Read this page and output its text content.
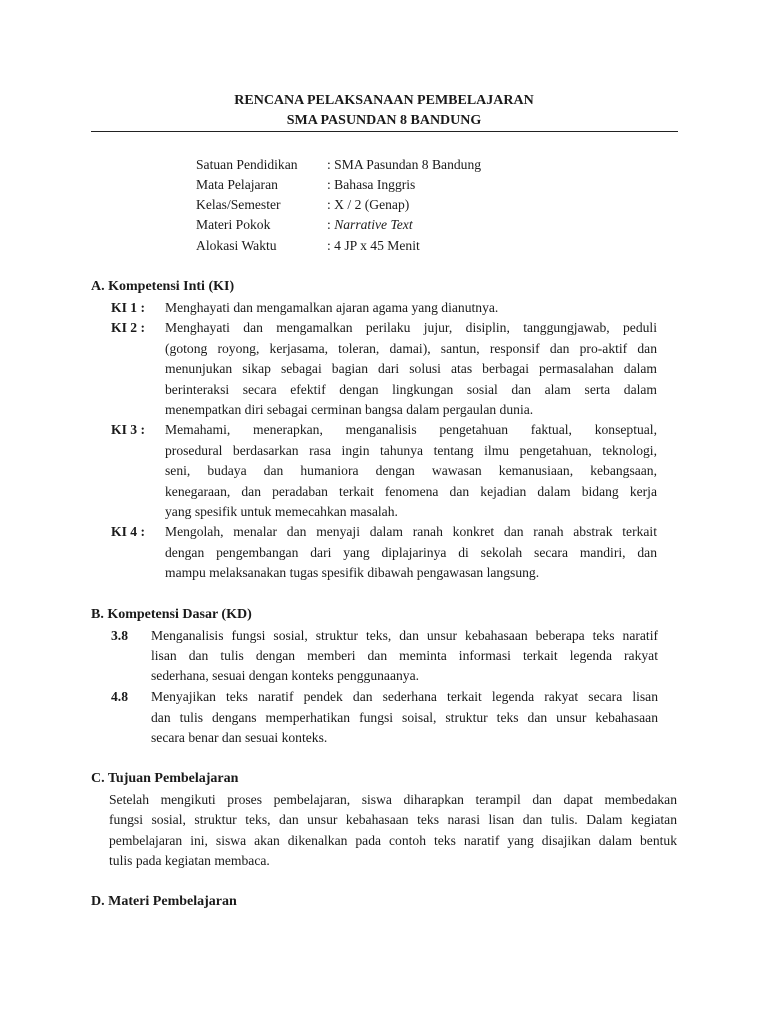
RENCANA PELAKSANAAN PEMBELAJARAN
SMA PASUNDAN 8 BANDUNG
Satuan Pendidikan : SMA Pasundan 8 Bandung
Mata Pelajaran	: Bahasa Inggris
Kelas/Semester	: X / 2 (Genap)
Materi Pokok	: Narrative Text
Alokasi Waktu	: 4 JP x 45 Menit
A. Kompetensi Inti (KI)
KI 1 : Menghayati dan mengamalkan ajaran agama yang dianutnya.
KI 2 : Menghayati dan mengamalkan perilaku jujur, disiplin, tanggungjawab, peduli
(gotong royong, kerjasama, toleran, damai), santun, responsif dan pro-aktif dan
menunjukan sikap sebagai bagian dari solusi atas berbagai permasalahan dalam
berinteraksi secara efektif dengan lingkungan sosial dan alam serta dalam
menempatkan diri sebagai cerminan bangsa dalam pergaulan dunia.
KI 3 : Memahami, menerapkan, menganalisis pengetahuan faktual, konseptual,
prosedural berdasarkan rasa ingin tahunya tentang ilmu pengetahuan, teknologi,
seni, budaya dan humaniora dengan wawasan kemanusiaan, kebangsaan,
kenegaraan, dan peradaban terkait fenomena dan kejadian dalam bidang kerja
yang spesifik untuk memecahkan masalah.
KI 4 : Mengolah, menalar dan menyaji dalam ranah konkret dan ranah abstrak terkait
dengan pengembangan dari yang diplajarinya di sekolah secara mandiri, dan
mampu melaksanakan tugas spesifik dibawah pengawasan langsung.
B. Kompetensi Dasar (KD)
3.8 Menganalisis fungsi sosial, struktur teks, dan unsur kebahasaan beberapa teks naratif
lisan dan tulis dengan memberi dan meminta informasi terkait legenda rakyat
sederhana, sesuai dengan konteks penggunaanya.
4.8 Menyajikan teks naratif pendek dan sederhana terkait legenda rakyat secara lisan
dan tulis dengans memperhatikan fungsi soisal, struktur teks dan unsur kebahasaan
secara benar dan sesuai konteks.
C. Tujuan Pembelajaran
Setelah mengikuti proses pembelajaran, siswa diharapkan terampil dan dapat membedakan
fungsi sosial, struktur teks, dan unsur kebahasaan teks narasi lisan dan tulis. Dalam kegiatan
pembelajaran ini, siswa akan dikenalkan pada contoh teks naratif yang disajikan dalam bentuk
tulis pada kegiatan membaca.
D. Materi Pembelajaran
